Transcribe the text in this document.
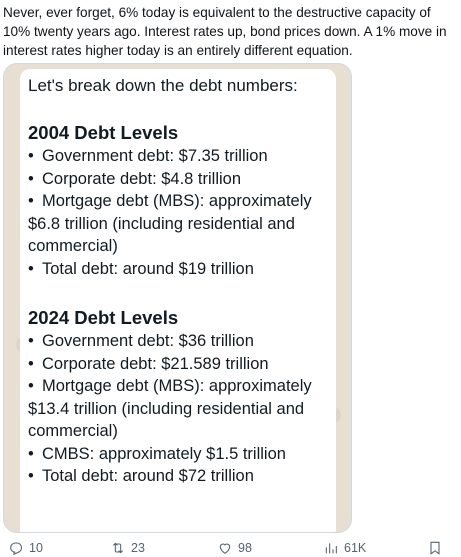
Never, ever forget, 6% today is equivalent to the destructive capacity of 10% twenty years ago. Interest rates up, bond prices down. A 1% move in interest rates higher today is an entirely different equation.

Let's break down the debt numbers:

2004 Debt Levels
• Government debt: $7.35 trillion
• Corporate debt: $4.8 trillion
• Mortgage debt (MBS): approximately $6.8 trillion (including residential and commercial)
• Total debt: around $19 trillion
2024 Debt Levels
• Government debt: $36 trillion
• Corporate debt: $21.589 trillion
• Mortgage debt (MBS): approximately $13.4 trillion (including residential and commercial)
• CMBS: approximately $1.5 trillion
• Total debt: around $72 trillion
10	23	98	61K
